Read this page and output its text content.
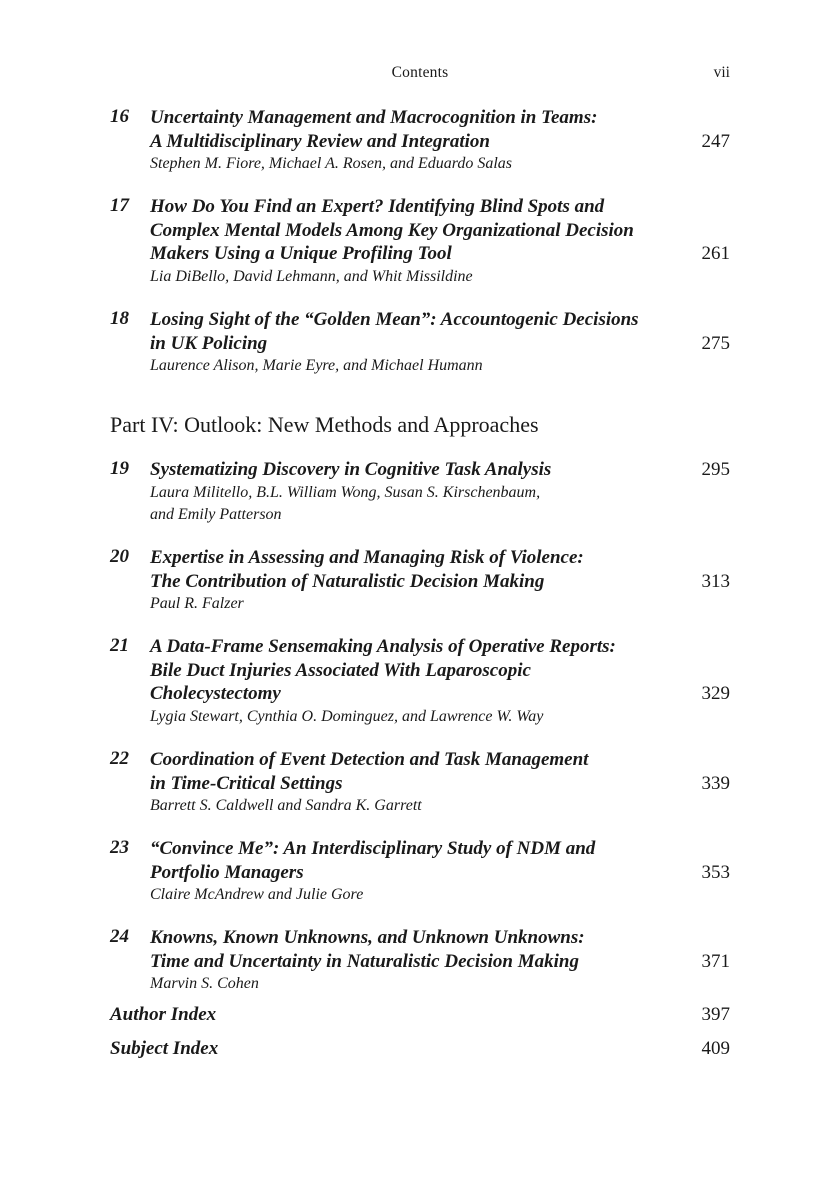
Contents	vii
16 Uncertainty Management and Macrocognition in Teams:
A Multidisciplinary Review and Integration
Stephen M. Fiore, Michael A. Rosen, and Eduardo Salas
247
17 How Do You Find an Expert? Identifying Blind Spots and
Complex Mental Models Among Key Organizational Decision
Makers Using a Unique Profiling Tool
Lia DiBello, David Lehmann, and Whit Missildine
261
18 Losing Sight of the “Golden Mean”: Accountogenic Decisions
in UK Policing
Laurence Alison, Marie Eyre, and Michael Humann
275
Part IV: Outlook: New Methods and Approaches
19 Systematizing Discovery in Cognitive Task Analysis
Laura Militello, B.L. William Wong, Susan S. Kirschenbaum,
and Emily Patterson
295
20 Expertise in Assessing and Managing Risk of Violence:
The Contribution of Naturalistic Decision Making
Paul R. Falzer
313
21 A Data-Frame Sensemaking Analysis of Operative Reports:
Bile Duct Injuries Associated With Laparoscopic
Cholecystectomy
Lygia Stewart, Cynthia O. Dominguez, and Lawrence W. Way
329
22 Coordination of Event Detection and Task Management
in Time-Critical Settings
Barrett S. Caldwell and Sandra K. Garrett
339
23 “Convince Me”: An Interdisciplinary Study of NDM and
Portfolio Managers
Claire McAndrew and Julie Gore
353
24 Knowns, Known Unknowns, and Unknown Unknowns:
Time and Uncertainty in Naturalistic Decision Making
Marvin S. Cohen
371
Author Index	397
Subject Index	409
